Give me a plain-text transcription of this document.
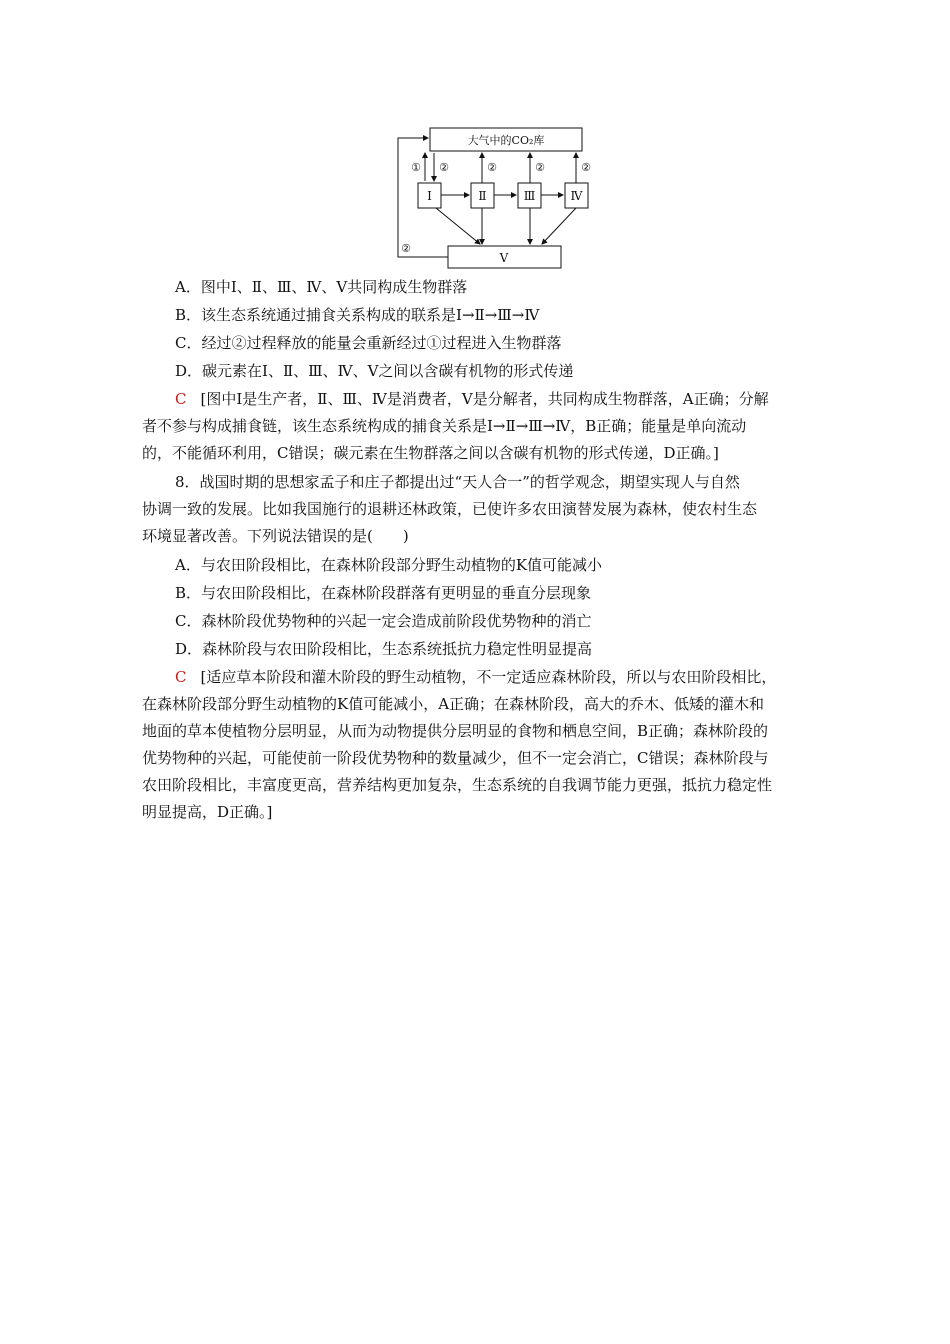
大气中的CO₂库
Ⅰ	Ⅱ	Ⅲ	Ⅳ
Ⅴ
① ②	②	②	②
②
A．图中Ⅰ、Ⅱ、Ⅲ、Ⅳ、Ⅴ共同构成生物群落
B．该生态系统通过捕食关系构成的联系是Ⅰ→Ⅱ→Ⅲ→Ⅳ
C．经过②过程释放的能量会重新经过①过程进入生物群落
D．碳元素在Ⅰ、Ⅱ、Ⅲ、Ⅳ、Ⅴ之间以含碳有机物的形式传递
C [图中Ⅰ是生产者，Ⅱ、Ⅲ、Ⅳ是消费者，Ⅴ是分解者，共同构成生物群落，A正确；分解
者不参与构成捕食链，该生态系统构成的捕食关系是Ⅰ→Ⅱ→Ⅲ→Ⅳ，B正确；能量是单向流动
的，不能循环利用，C错误；碳元素在生物群落之间以含碳有机物的形式传递，D正确。]
8．战国时期的思想家孟子和庄子都提出过“天人合一”的哲学观念，期望实现人与自然
协调一致的发展。比如我国施行的退耕还林政策，已使许多农田演替发展为森林，使农村生态
环境显著改善。下列说法错误的是(　　)
A．与农田阶段相比，在森林阶段部分野生动植物的K值可能减小
B．与农田阶段相比，在森林阶段群落有更明显的垂直分层现象
C．森林阶段优势物种的兴起一定会造成前阶段优势物种的消亡
D．森林阶段与农田阶段相比，生态系统抵抗力稳定性明显提高
C [适应草本阶段和灌木阶段的野生动植物，不一定适应森林阶段，所以与农田阶段相比，
在森林阶段部分野生动植物的K值可能减小，A正确；在森林阶段，高大的乔木、低矮的灌木和
地面的草本使植物分层明显，从而为动物提供分层明显的食物和栖息空间，B正确；森林阶段的
优势物种的兴起，可能使前一阶段优势物种的数量减少，但不一定会消亡，C错误；森林阶段与
农田阶段相比，丰富度更高，营养结构更加复杂，生态系统的自我调节能力更强，抵抗力稳定性
明显提高，D正确。]
